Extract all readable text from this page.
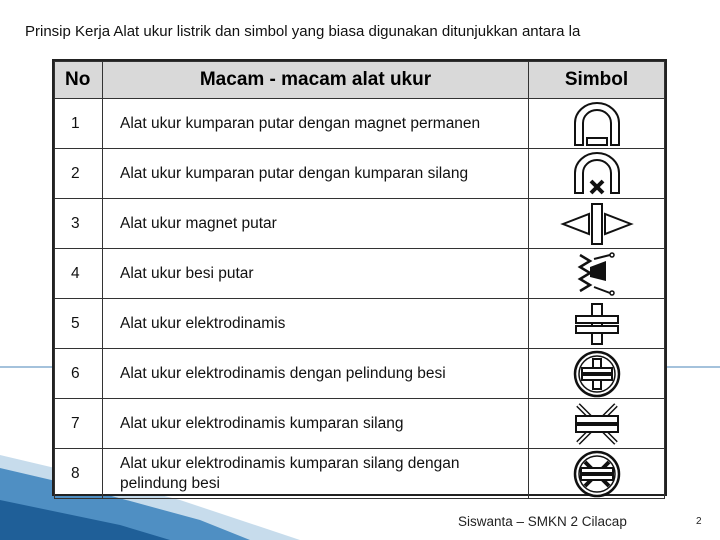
Prinsip Kerja Alat ukur listrik dan simbol yang biasa digunakan ditunjukkan antara la
No	Macam - macam alat ukur	Simbol
1	Alat ukur kumparan putar dengan magnet permanen	

2	Alat ukur kumparan putar dengan kumparan silang	

3	Alat ukur magnet putar	

4	Alat ukur besi putar	

5	Alat ukur elektrodinamis	

6	Alat ukur elektrodinamis dengan pelindung besi	

7	Alat ukur elektrodinamis kumparan silang	

8	Alat ukur elektrodinamis kumparan silang dengan pelindung besi	
Siswanta – SMKN 2 Cilacap	2
